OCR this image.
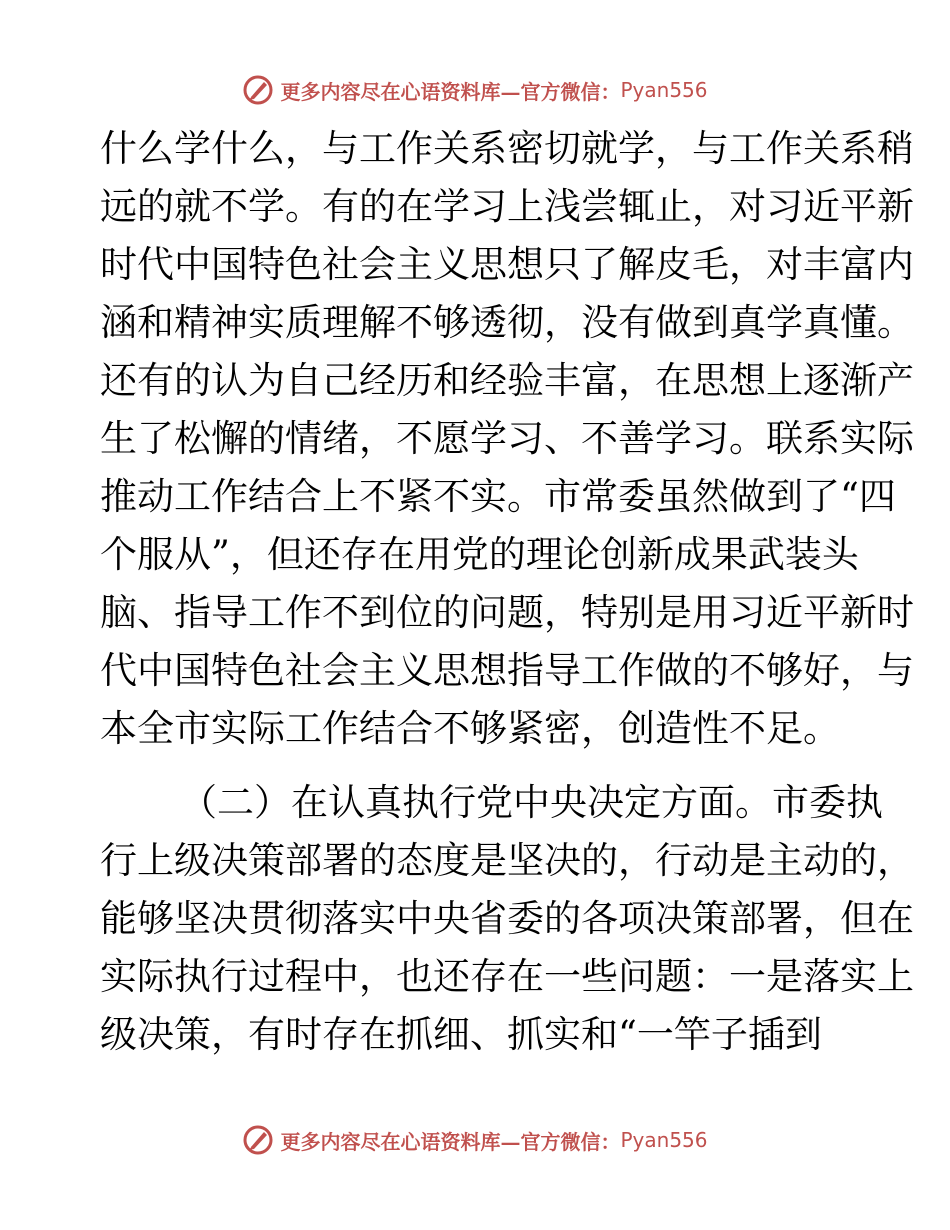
更多内容尽在心语资料库—官方微信： Pyan556
什么学什么，与工作关系密切就学，与工作关系稍
远的就不学。有的在学习上浅尝辄止，对习近平新
时代中国特色社会主义思想只了解皮毛，对丰富内
涵和精神实质理解不够透彻，没有做到真学真懂。
还有的认为自己经历和经验丰富，在思想上逐渐产
生了松懈的情绪，不愿学习、不善学习。联系实际
推动工作结合上不紧不实。市常委虽然做到了“四
个服从”，但还存在用党的理论创新成果武装头
脑、指导工作不到位的问题，特别是用习近平新时
代中国特色社会主义思想指导工作做的不够好，与
本全市实际工作结合不够紧密，创造性不足。
（二）在认真执行党中央决定方面。市委执
行上级决策部署的态度是坚决的，行动是主动的，
能够坚决贯彻落实中央省委的各项决策部署，但在
实际执行过程中，也还存在一些问题：一是落实上
级决策，有时存在抓细、抓实和“一竿子插到
更多内容尽在心语资料库—官方微信： Pyan556
